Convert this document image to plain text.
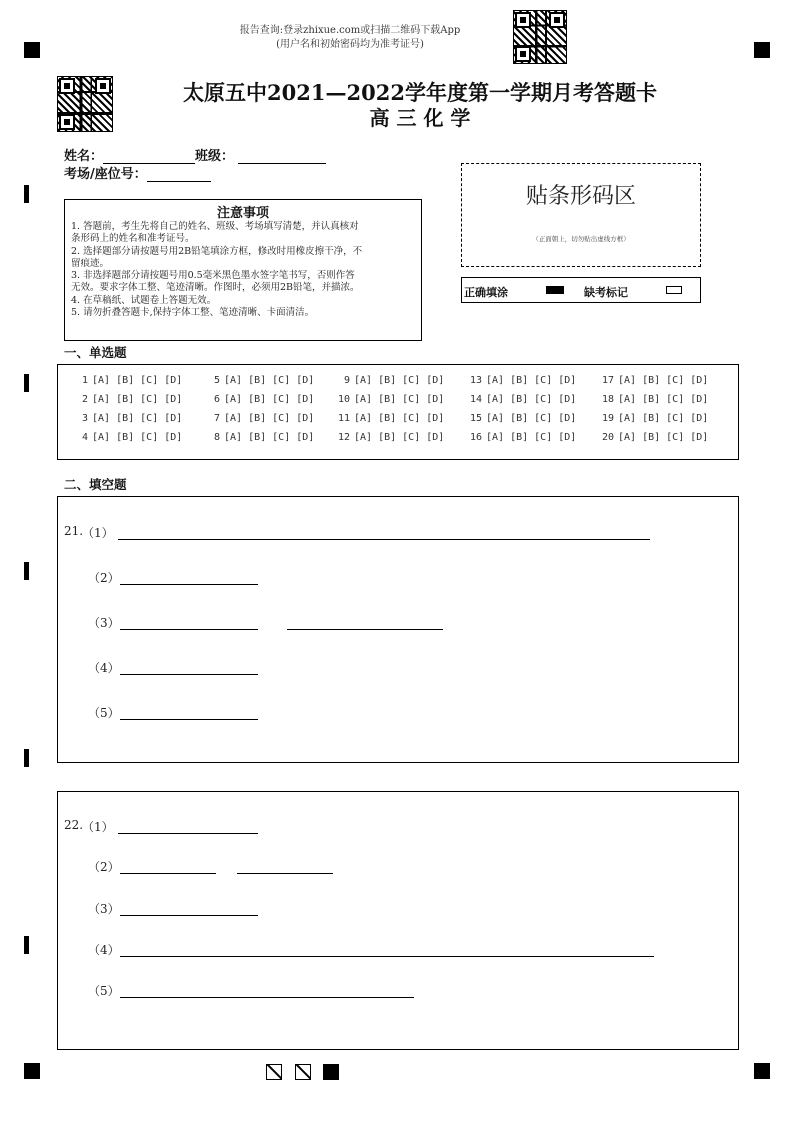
报告查询:登录zhixue.com或扫描二维码下载App
(用户名和初始密码均为准考证号)
太原五中2021—2022学年度第一学期月考答题卡
高 三 化 学
姓名：	班级：
考场/座位号：
注意事项
1. 答题前，考生先将自己的姓名、班级、考场填写清楚，并认真核对
条形码上的姓名和准考证号。
2. 选择题部分请按题号用2B铅笔填涂方框，修改时用橡皮擦干净，不
留痕迹。
3. 非选择题部分请按题号用0.5毫米黑色墨水签字笔书写，否则作答
无效。要求字体工整、笔迹清晰。作图时，必须用2B铅笔，并描浓。
4. 在草稿纸、试题卷上答题无效。
5. 请勿折叠答题卡,保持字体工整、笔迹清晰、卡面清洁。
贴条形码区
（正面朝上，切勿贴出虚线方框）
正确填涂	缺考标记
一、单选题
1 [A] [B] [C] [D]
2 [A] [B] [C] [D]
3 [A] [B] [C] [D]
4 [A] [B] [C] [D]
5 [A] [B] [C] [D]
6 [A] [B] [C] [D]
7 [A] [B] [C] [D]
8 [A] [B] [C] [D]
9 [A] [B] [C] [D]
10 [A] [B] [C] [D]
11 [A] [B] [C] [D]
12 [A] [B] [C] [D]
13 [A] [B] [C] [D]
14 [A] [B] [C] [D]
15 [A] [B] [C] [D]
16 [A] [B] [C] [D]
17 [A] [B] [C] [D]
18 [A] [B] [C] [D]
19 [A] [B] [C] [D]
20 [A] [B] [C] [D]
二、填空题
21.
（1）
（2）
（3）
（4）
（5）
22.
（1）
（2）
（3）
（4）
（5）
